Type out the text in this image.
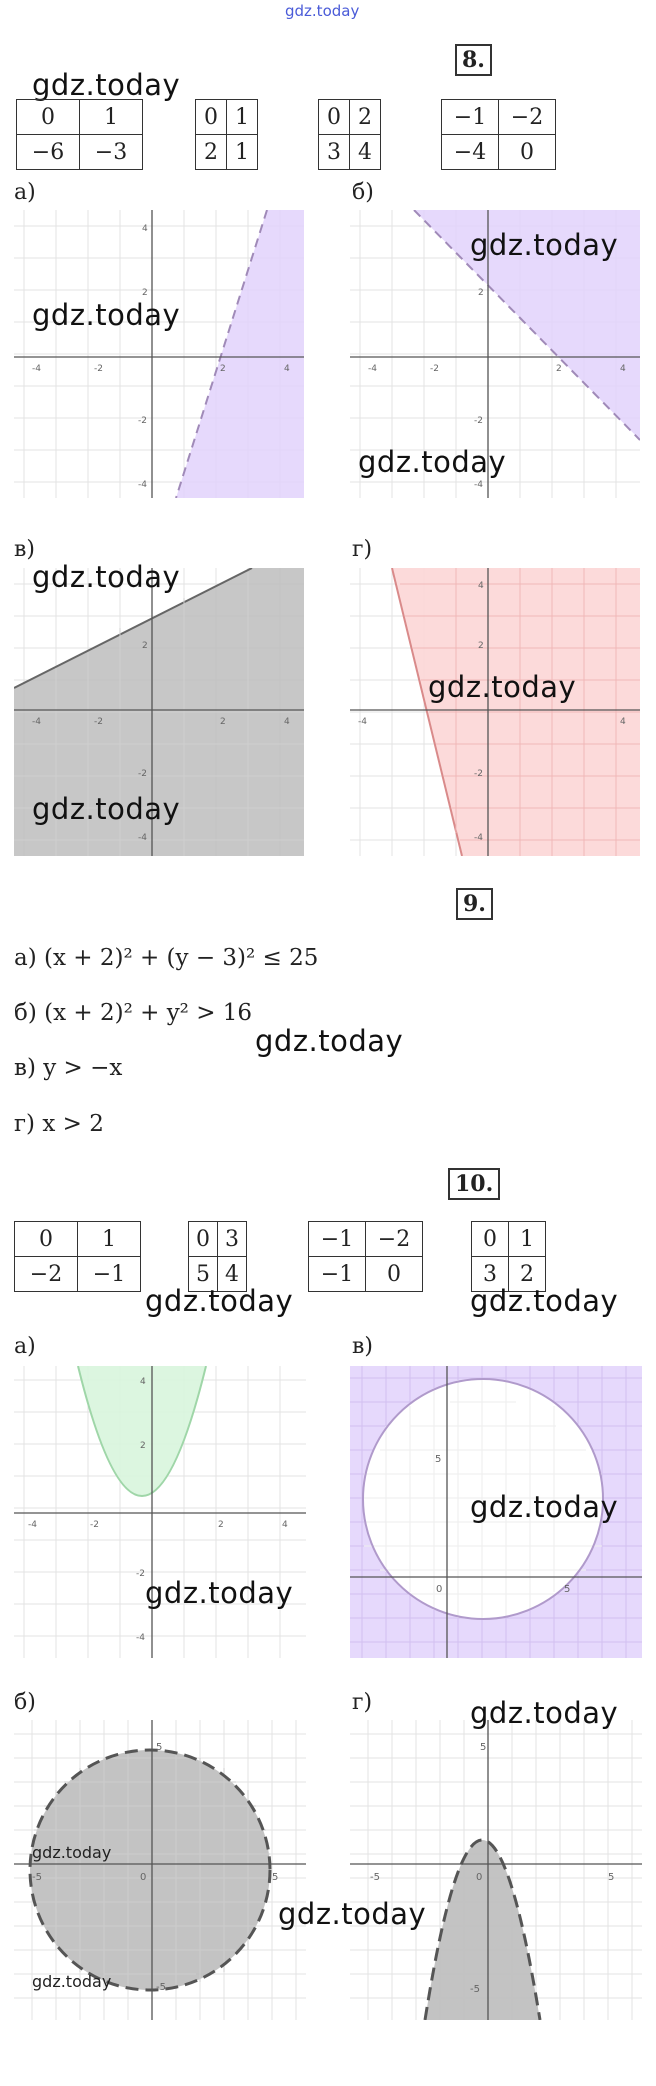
gdz.today
8.
gdz.today
0	1
−6	−3
0	1
2	1
0	2
3	4
−1	−2
−4	0
а)	б)
-4	-2	2	4
4
2
-2
-4
gdz.today
-4	-2	2	4
2
-2
-4
gdz.today
gdz.today
в)	г)
-4	-2	2	4
2
-2
-4
gdz.today
gdz.today
-4	4
4
2
-2
-4
gdz.today
9.
а) (x + 2)² + (y − 3)² ≤ 25
б) (x + 2)² + y² > 16
gdz.today
в) y > −x
г) x > 2
10.
0	1
−2	−1
0	3
5	4
−1	−2
−1	0
0	1
3	2
gdz.today	gdz.today
а)	в)
-4	-2	2	4
4
2
-2
-4
gdz.today
5
0	5
gdz.today
б)	г)
5
-5	0	5
-5
gdz.today
gdz.today
5
-5	0	5
-5
gdz.today
gdz.today
